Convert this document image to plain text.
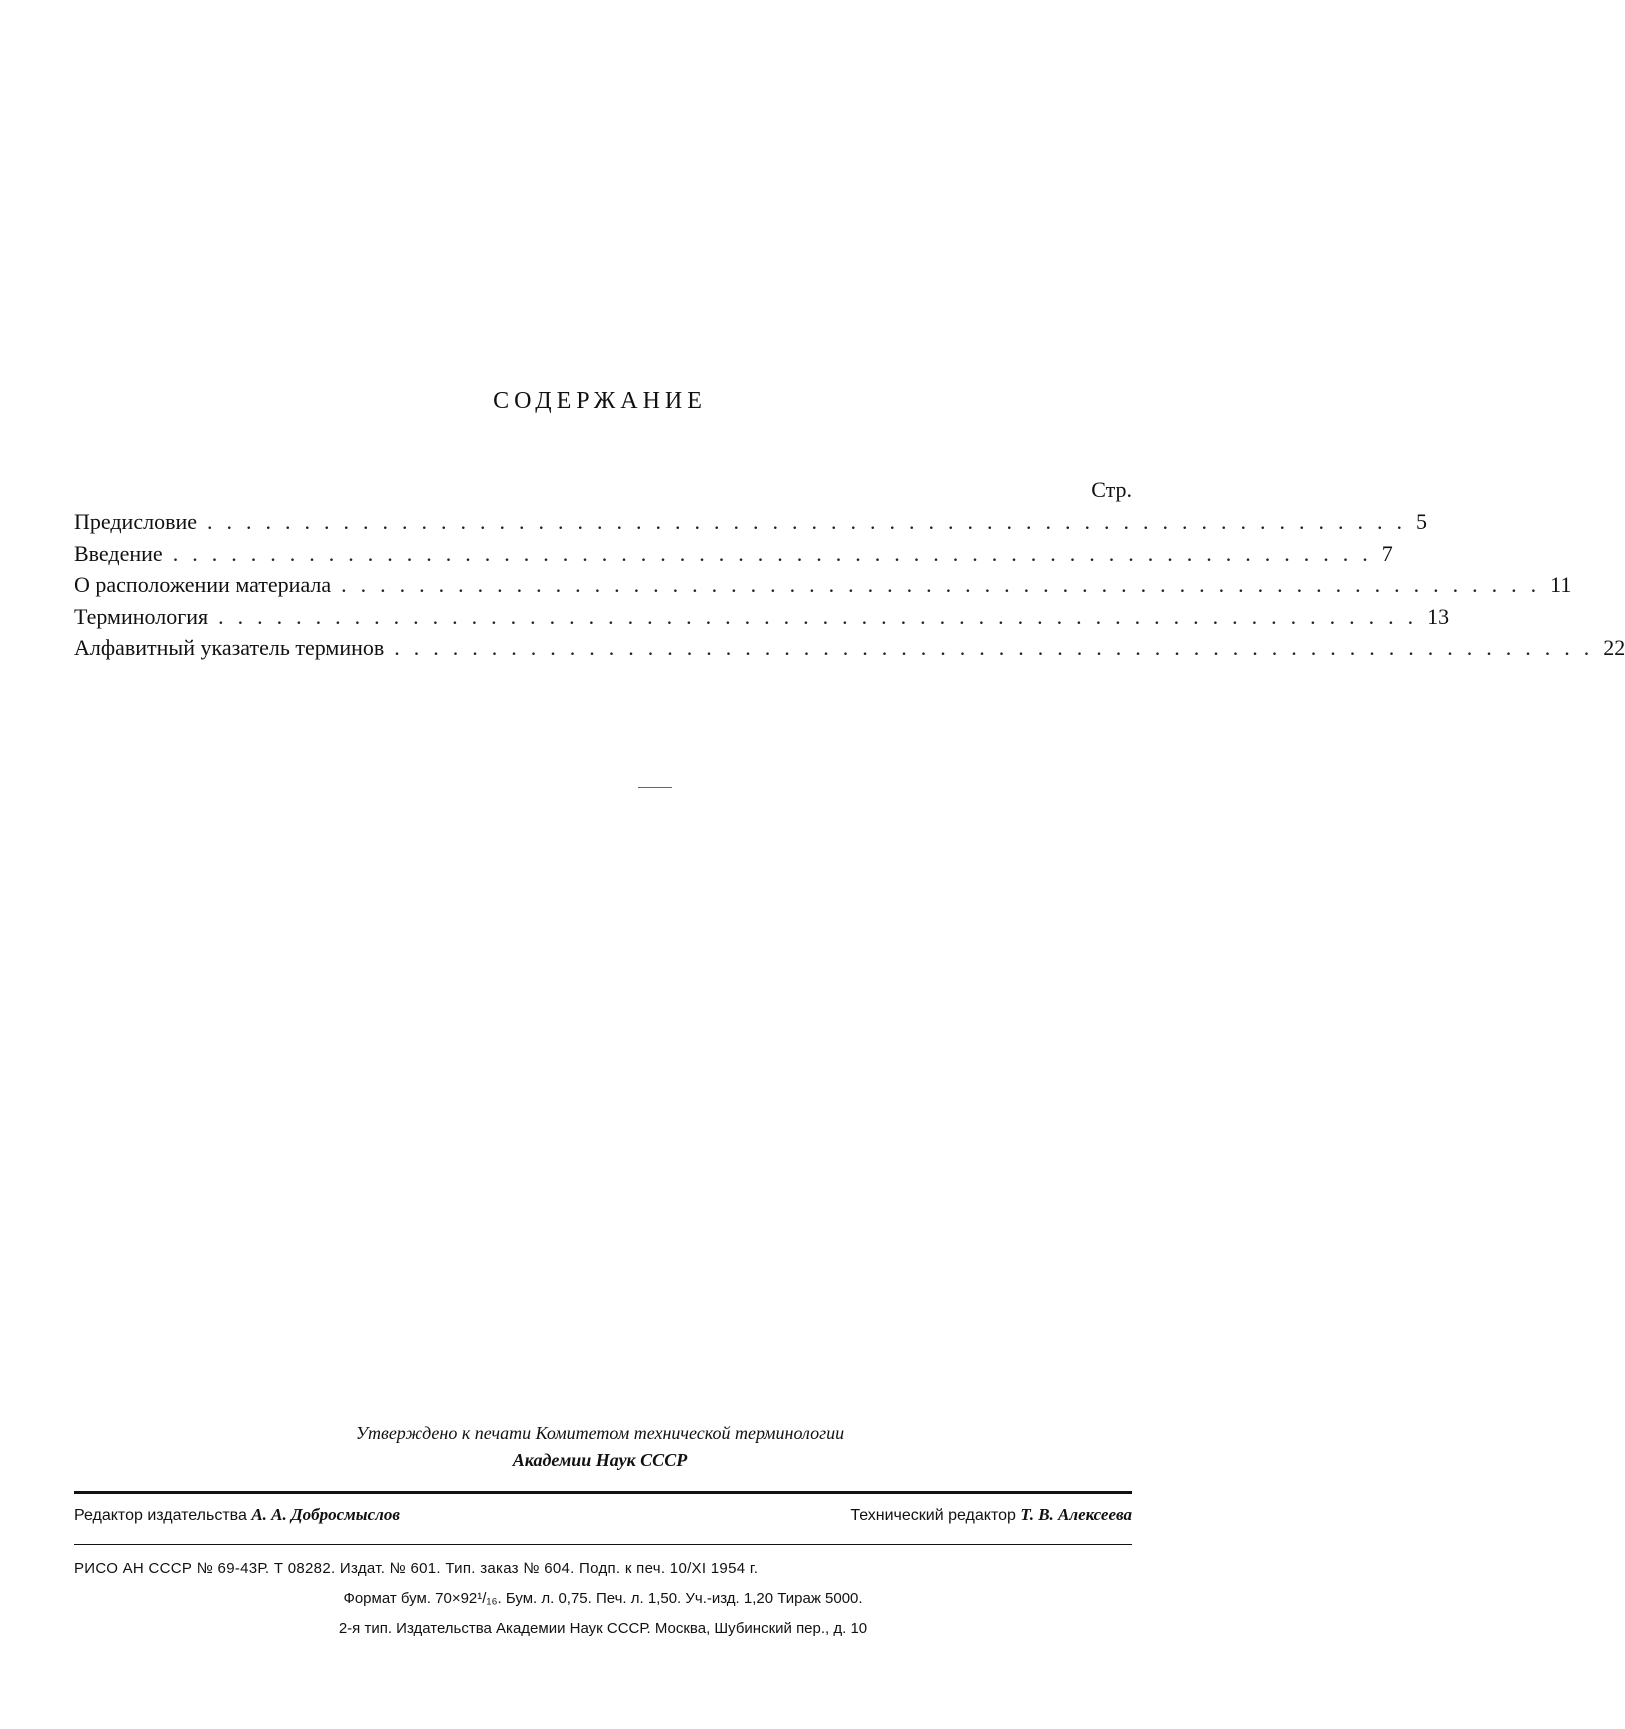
СОДЕРЖАНИЕ
Стр.
Предисловие .............................................................. 5
Введение .............................................................. 7
О расположении материала .............................................................. 11
Терминология .............................................................. 13
Алфавитный указатель терминов .............................................................. 22
Утверждено к печати Комитетом технической терминологии
Академии Наук СССР
Редактор издательства А. А. Добросмыслов	Технический редактор Т. В. Алексеева
РИСО АН СССР № 69-43Р. Т 08282. Издат. № 601. Тип. заказ № 604. Подп. к печ. 10/XI 1954 г.
Формат бум. 70×92¹/₁₆. Бум. л. 0,75. Печ. л. 1,50. Уч.-изд. 1,20 Тираж 5000.
2-я тип. Издательства Академии Наук СССР. Москва, Шубинский пер., д. 10
